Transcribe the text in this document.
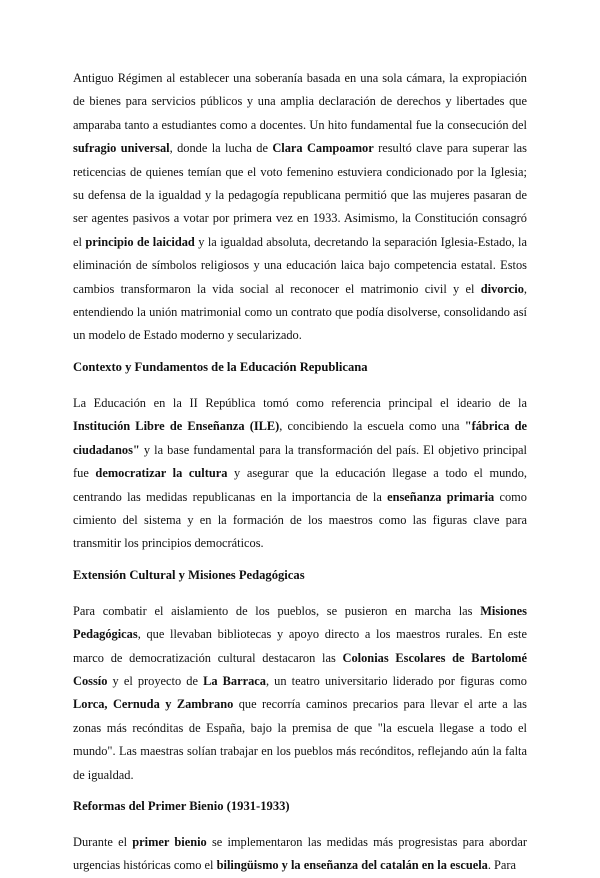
Antiguo Régimen al establecer una soberanía basada en una sola cámara, la expropiación de bienes para servicios públicos y una amplia declaración de derechos y libertades que amparaba tanto a estudiantes como a docentes. Un hito fundamental fue la consecución del sufragio universal, donde la lucha de Clara Campoamor resultó clave para superar las reticencias de quienes temían que el voto femenino estuviera condicionado por la Iglesia; su defensa de la igualdad y la pedagogía republicana permitió que las mujeres pasaran de ser agentes pasivos a votar por primera vez en 1933. Asimismo, la Constitución consagró el principio de laicidad y la igualdad absoluta, decretando la separación Iglesia-Estado, la eliminación de símbolos religiosos y una educación laica bajo competencia estatal. Estos cambios transformaron la vida social al reconocer el matrimonio civil y el divorcio, entendiendo la unión matrimonial como un contrato que podía disolverse, consolidando así un modelo de Estado moderno y secularizado.

Contexto y Fundamentos de la Educación Republicana

La Educación en la II República tomó como referencia principal el ideario de la Institución Libre de Enseñanza (ILE), concibiendo la escuela como una "fábrica de ciudadanos" y la base fundamental para la transformación del país. El objetivo principal fue democratizar la cultura y asegurar que la educación llegase a todo el mundo, centrando las medidas republicanas en la importancia de la enseñanza primaria como cimiento del sistema y en la formación de los maestros como las figuras clave para transmitir los principios democráticos.

Extensión Cultural y Misiones Pedagógicas

Para combatir el aislamiento de los pueblos, se pusieron en marcha las Misiones Pedagógicas, que llevaban bibliotecas y apoyo directo a los maestros rurales. En este marco de democratización cultural destacaron las Colonias Escolares de Bartolomé Cossío y el proyecto de La Barraca, un teatro universitario liderado por figuras como Lorca, Cernuda y Zambrano que recorría caminos precarios para llevar el arte a las zonas más recónditas de España, bajo la premisa de que "la escuela llegase a todo el mundo". Las maestras solían trabajar en los pueblos más recónditos, reflejando aún la falta de igualdad.

Reformas del Primer Bienio (1931-1933)

Durante el primer bienio se implementaron las medidas más progresistas para abordar urgencias históricas como el bilingüismo y la enseñanza del catalán en la escuela. Para
